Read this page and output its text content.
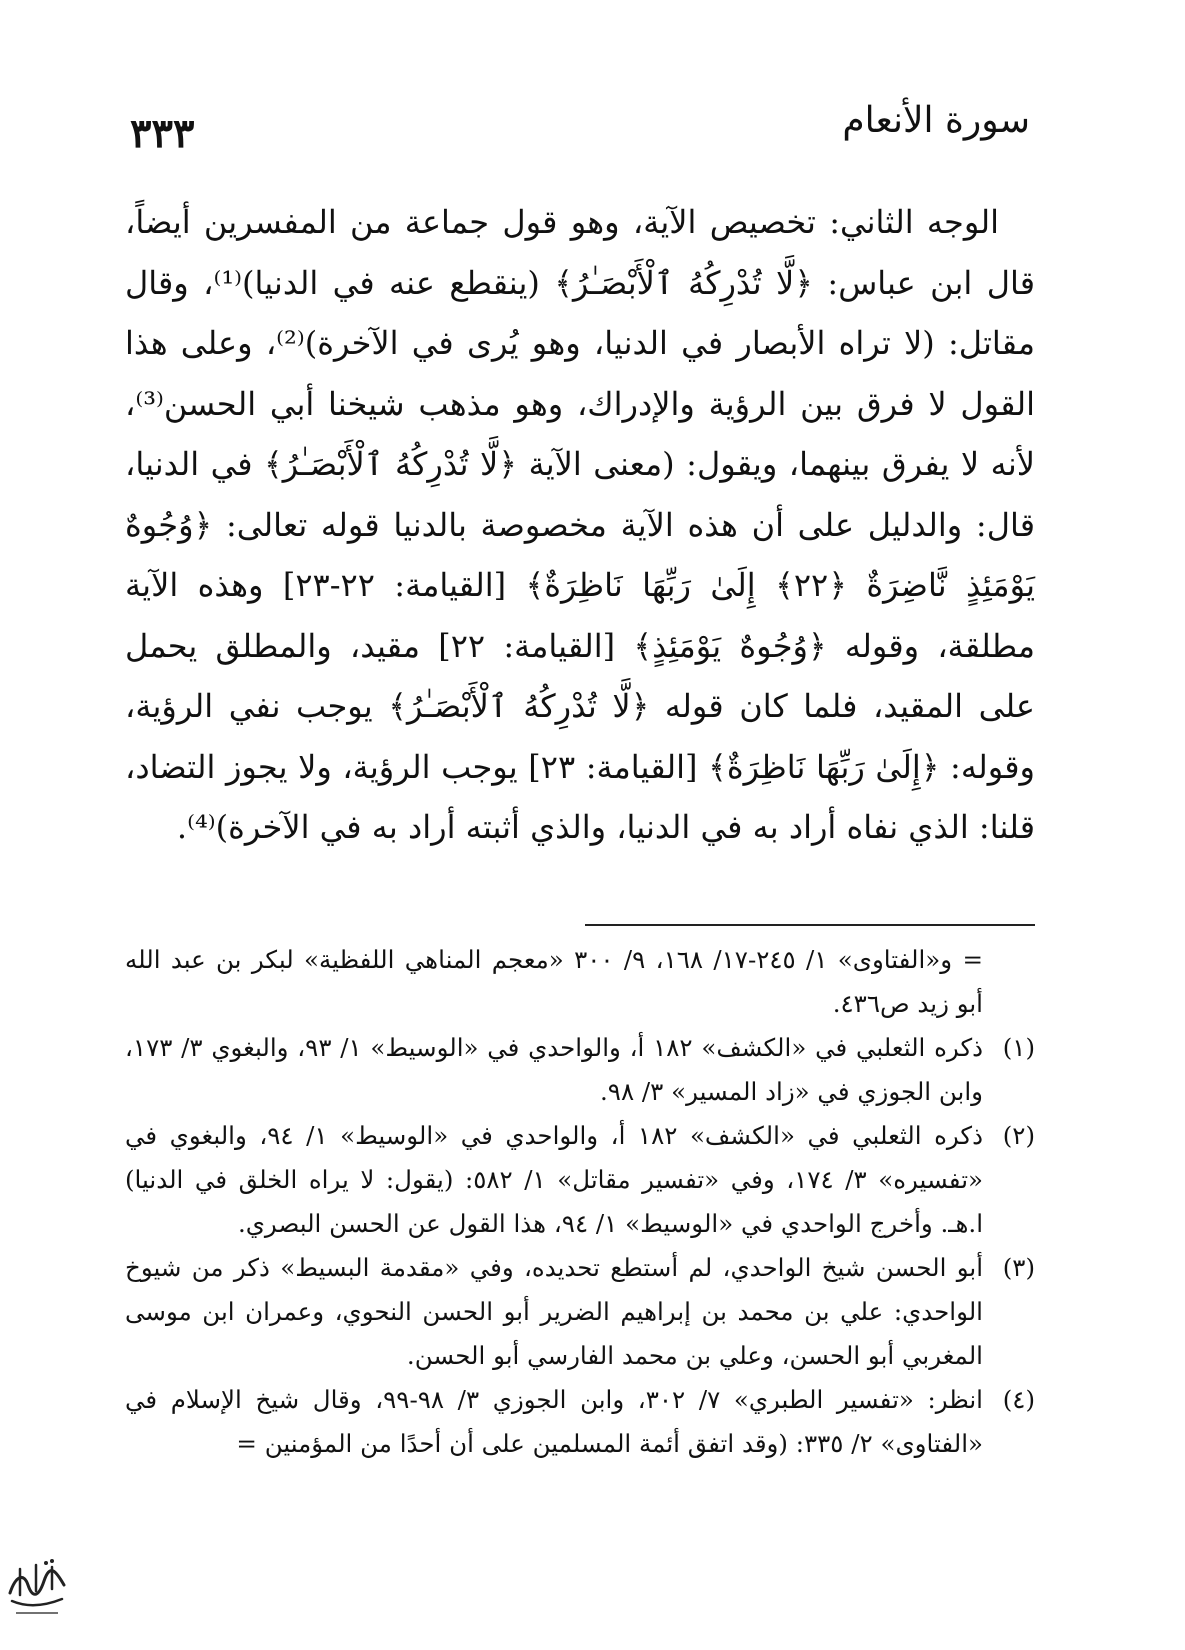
٣٣٣	سورة الأنعام

الوجه الثاني: تخصيص الآية، وهو قول جماعة من المفسرين أيضاً، قال ابن عباس: ﴿لَّا تُدْرِكُهُ ٱلْأَبْصَـٰرُ﴾ (ينقطع عنه في الدنيا)⁽¹⁾، وقال مقاتل: (لا تراه الأبصار في الدنيا، وهو يُرى في الآخرة)⁽²⁾، وعلى هذا القول لا فرق بين الرؤية والإدراك، وهو مذهب شيخنا أبي الحسن⁽³⁾، لأنه لا يفرق بينهما، ويقول: (معنى الآية ﴿لَّا تُدْرِكُهُ ٱلْأَبْصَـٰرُ﴾ في الدنيا، قال: والدليل على أن هذه الآية مخصوصة بالدنيا قوله تعالى: ﴿وُجُوهٌ يَوْمَئِذٍ نَّاضِرَةٌ ﴿٢٢﴾ إِلَىٰ رَبِّهَا نَاظِرَةٌ﴾ [القيامة: ٢٢-٢٣] وهذه الآية مطلقة، وقوله ﴿وُجُوهٌ يَوْمَئِذٍ﴾ [القيامة: ٢٢] مقيد، والمطلق يحمل على المقيد، فلما كان قوله ﴿لَّا تُدْرِكُهُ ٱلْأَبْصَـٰرُ﴾ يوجب نفي الرؤية، وقوله: ﴿إِلَىٰ رَبِّهَا نَاظِرَةٌ﴾ [القيامة: ٢٣] يوجب الرؤية، ولا يجوز التضاد، قلنا: الذي نفاه أراد به في الدنيا، والذي أثبته أراد به في الآخرة)⁽⁴⁾.

= و«الفتاوى» ١/ ٢٤٥-١٧/ ١٦٨، ٩/ ٣٠٠ «معجم المناهي اللفظية» لبكر بن عبد الله أبو زيد ص٤٣٦.
(١)
ذكره الثعلبي في «الكشف» ١٨٢ أ، والواحدي في «الوسيط» ١/ ٩٣، والبغوي ٣/ ١٧٣، وابن الجوزي في «زاد المسير» ٣/ ٩٨.
(٢)
ذكره الثعلبي في «الكشف» ١٨٢ أ، والواحدي في «الوسيط» ١/ ٩٤، والبغوي في «تفسيره» ٣/ ١٧٤، وفي «تفسير مقاتل» ١/ ٥٨٢: (يقول: لا يراه الخلق في الدنيا) ا.هـ. وأخرج الواحدي في «الوسيط» ١/ ٩٤، هذا القول عن الحسن البصري.
(٣)
أبو الحسن شيخ الواحدي، لم أستطع تحديده، وفي «مقدمة البسيط» ذكر من شيوخ الواحدي: علي بن محمد بن إبراهيم الضرير أبو الحسن النحوي، وعمران ابن موسى المغربي أبو الحسن، وعلي بن محمد الفارسي أبو الحسن.
(٤)
انظر: «تفسير الطبري» ٧/ ٣٠٢، وابن الجوزي ٣/ ٩٨-٩٩، وقال شيخ الإسلام في «الفتاوى» ٢/ ٣٣٥: (وقد اتفق أئمة المسلمين على أن أحدًا من المؤمنين =
